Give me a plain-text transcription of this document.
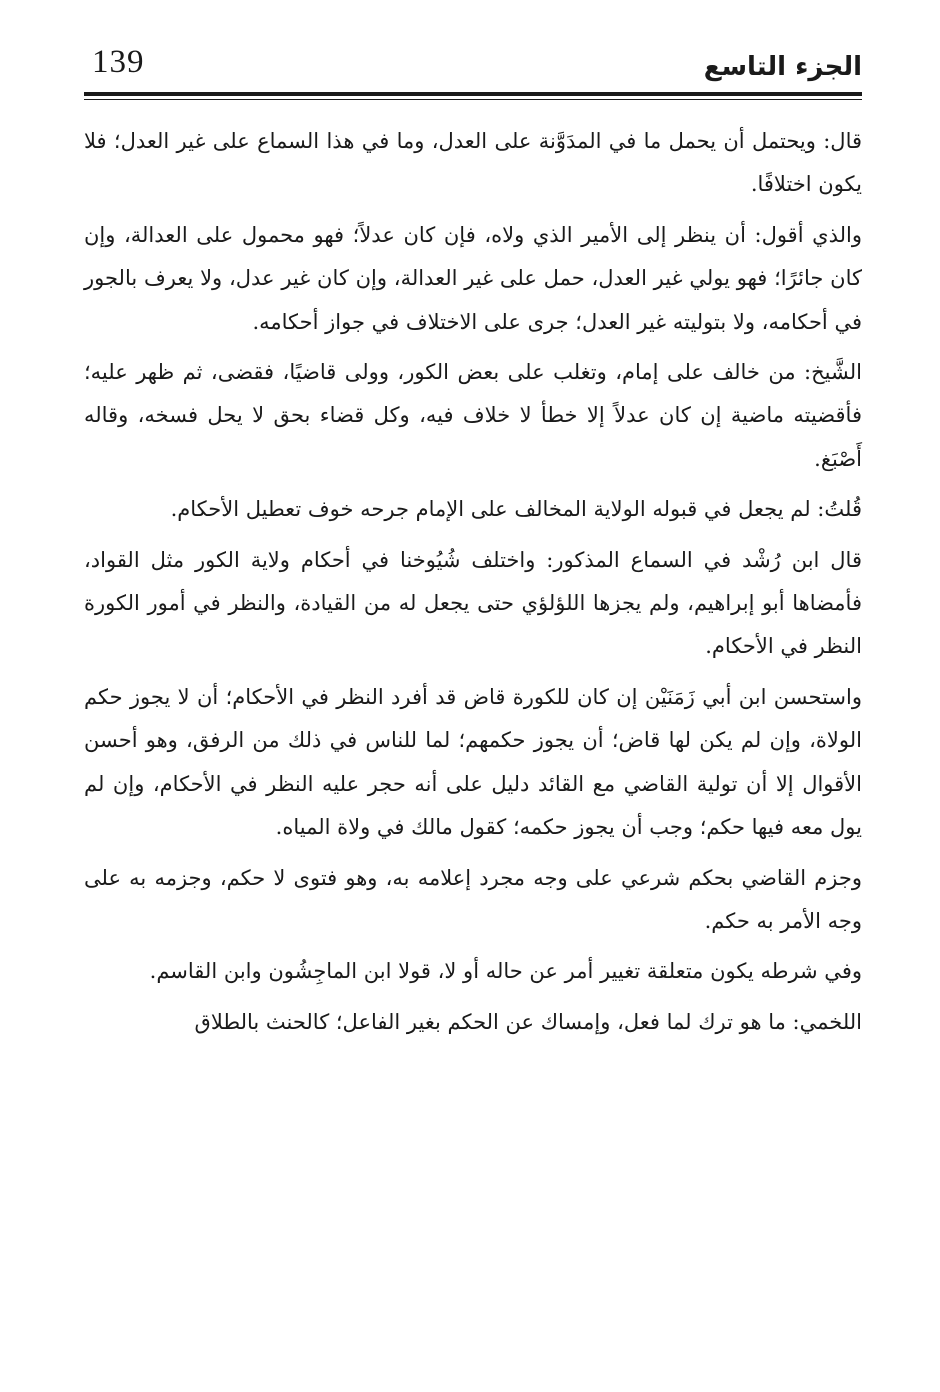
139	الجزء التاسع

قال: ويحتمل أن يحمل ما في المدَوَّنة على العدل، وما في هذا السماع على غير العدل؛ فلا يكون اختلافًا.

والذي أقول: أن ينظر إلى الأمير الذي ولاه، فإن كان عدلاً؛ فهو محمول على العدالة، وإن كان جائرًا؛ فهو يولي غير العدل، حمل على غير العدالة، وإن كان غير عدل، ولا يعرف بالجور في أحكامه، ولا بتوليته غير العدل؛ جرى على الاختلاف في جواز أحكامه.

الشَّيخ: من خالف على إمام، وتغلب على بعض الكور، وولى قاضيًا، فقضى، ثم ظهر عليه؛ فأقضيته ماضية إن كان عدلاً إلا خطأ لا خلاف فيه، وكل قضاء بحق لا يحل فسخه، وقاله أَصْبَغ.

قُلتُ: لم يجعل في قبوله الولاية المخالف على الإمام جرحه خوف تعطيل الأحكام.

قال ابن رُشْد في السماع المذكور: واختلف شُيُوخنا في أحكام ولاية الكور مثل القواد، فأمضاها أبو إبراهيم، ولم يجزها اللؤلؤي حتى يجعل له من القيادة، والنظر في أمور الكورة النظر في الأحكام.

واستحسن ابن أبي زَمَنَيْن إن كان للكورة قاض قد أفرد النظر في الأحكام؛ أن لا يجوز حكم الولاة، وإن لم يكن لها قاض؛ أن يجوز حكمهم؛ لما للناس في ذلك من الرفق، وهو أحسن الأقوال إلا أن تولية القاضي مع القائد دليل على أنه حجر عليه النظر في الأحكام، وإن لم يول معه فيها حكم؛ وجب أن يجوز حكمه؛ كقول مالك في ولاة المياه.

وجزم القاضي بحكم شرعي على وجه مجرد إعلامه به، وهو فتوى لا حكم، وجزمه به على وجه الأمر به حكم.

وفي شرطه يكون متعلقة تغيير أمر عن حاله أو لا، قولا ابن الماجِشُون وابن القاسم.

اللخمي: ما هو ترك لما فعل، وإمساك عن الحكم بغير الفاعل؛ كالحنث بالطلاق
